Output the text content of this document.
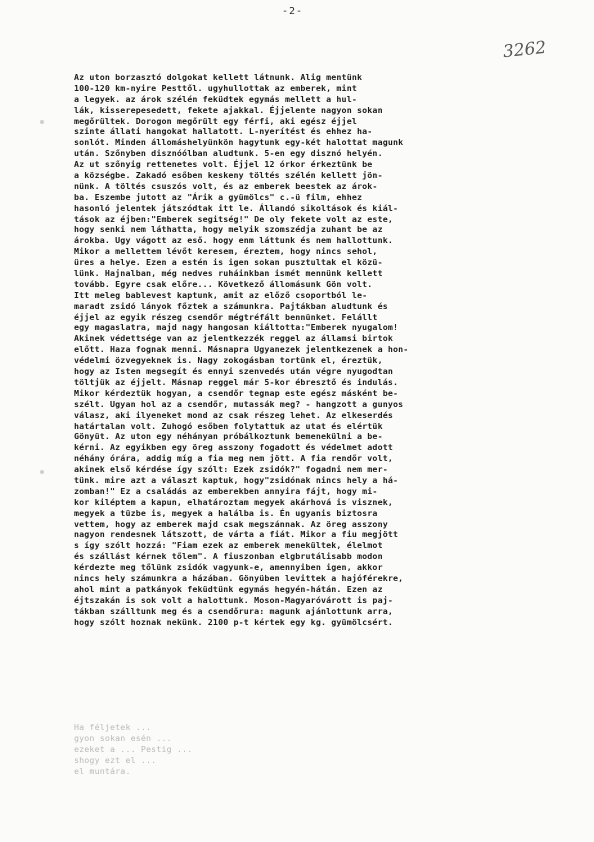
-2-
3262
Az uton borzasztó dolgokat kellett látnunk. Alig mentünk
100-120 km-nyire Pesttől. ugyhullottak az emberek, mint
a legyek. az árok szélén feküdtek egymás mellett a hul-
lák, kisserepesedett, fekete ajakkal. Éjjelente nagyon sokan
megőrültek. Dorogon megőrült egy férfi, aki egész éjjel
szinte állati hangokat hallatott. L-nyerítést és ehhez ha-
sonlót. Minden állomáshelyünkön hagytunk egy-két halottat magunk
után. Szőnyben disznóólban aludtunk. 5-en egy disznó helyén.
Az ut szőnyig rettenetes volt. Éjjel 12 órkor érkeztünk be
a községbe. Zakadó esőben keskeny töltés szélén kellett jön-
nünk. A töltés csuszós volt, és az emberek beestek az árok-
ba. Eszembe jutott az "Árik a gyümölcs" c.-ü film, ehhez
hasonló jelentek játszódtak itt le. Állandó sikoltások és kiál-
tások az éjben:"Emberek segitség!" De oly fekete volt az este,
hogy senki nem láthatta, hogy melyik szomszédja zuhant be az
árokba. Ugy vágott az eső. hogy enm láttunk és nem hallottunk.
Mikor a mellettem lévőt keresem, éreztem, hogy nincs sehol,
üres a helye. Ezen a estén is igen sokan pusztultak el közü-
lünk. Hajnalban, még nedves ruháinkban ismét mennünk kellett
tovább. Egyre csak előre... Következő állomásunk Gön volt.
Itt meleg bablevest kaptunk, amit az előző csoportból le-
maradt zsidó lányok főztek a számunkra. Pajtákban aludtunk és
éjjel az egyik részeg csendőr mégtréfált bennünket. Felállt
egy magaslatra, majd nagy hangosan kiáltotta:"Emberek nyugalom!
Akinek védettsége van az jelentkezzék reggel az államsi birtok
előtt. Haza fognak menni. Másnapra Ugyanezek jelentkezenek a hon-
védelmi özvegyeknek is. Nagy zokogásban tortünk el, éreztük,
hogy az Isten megsegít és ennyi szenvedés után végre nyugodtan
töltjük az éjjelt. Másnap reggel már 5-kor ébresztő és indulás.
Mikor kérdeztük hogyan, a csendőr tegnap este egész másként be-
szélt. Ugyan hol az a csendőr, mutassák meg? - hangzott a gunyos
válasz, aki ilyeneket mond az csak részeg lehet. Az elkeserdés
határtalan volt. Zuhogó esőben folytattuk az utat és elértük
Gönyüt. Az uton egy néhányan próbálkoztunk bemenekülni a be-
kérni. Az egyikben egy öreg asszony fogadott és védelmet adott
néhány órára, addig míg a fia meg nem jött. A fia rendőr volt,
akinek első kérdése így szólt: Ezek zsidók?" fogadni nem mer-
tünk. mire azt a választ kaptuk, hogy"zsidónak nincs hely a há-
zomban!" Ez a családás az emberekben annyira fájt, hogy mi-
kor kiléptem a kapun, elhatároztam megyek akárhová is visznek,
megyek a tüzbe is, megyek a halálba is. Én ugyanis biztosra
vettem, hogy az emberek majd csak megszánnak. Az öreg asszony
nagyon rendesnek látszott, de várta a fiát. Mikor a fiu megjött
s így szólt hozzá: "Fiam ezek az emberek menekültek, élelmot
és szállást kérnek tőlem". A fiuszonban elgbrutálisabb modon
kérdezte meg tőlünk zsidók vagyunk-e, amennyiben igen, akkor
nincs hely számunkra a házában. Gönyüben levittek a hajóférekre,
ahol mint a patkányok feküdtünk egymás hegyén-hátán. Ezen az
éjtszakán is sok volt a halottunk. Moson-Magyaróvárott is paj-
tákban szálltunk meg és a csendőrura: magunk ajánlottunk arra,
hogy szólt hoznak nekünk. 2100 p-t kértek egy kg. gyümölcsért.
Ha féljetek ...
gyon sokan esén ...
ezeket a ... Pestig ...
shogy ezt el ...
el muntára.
